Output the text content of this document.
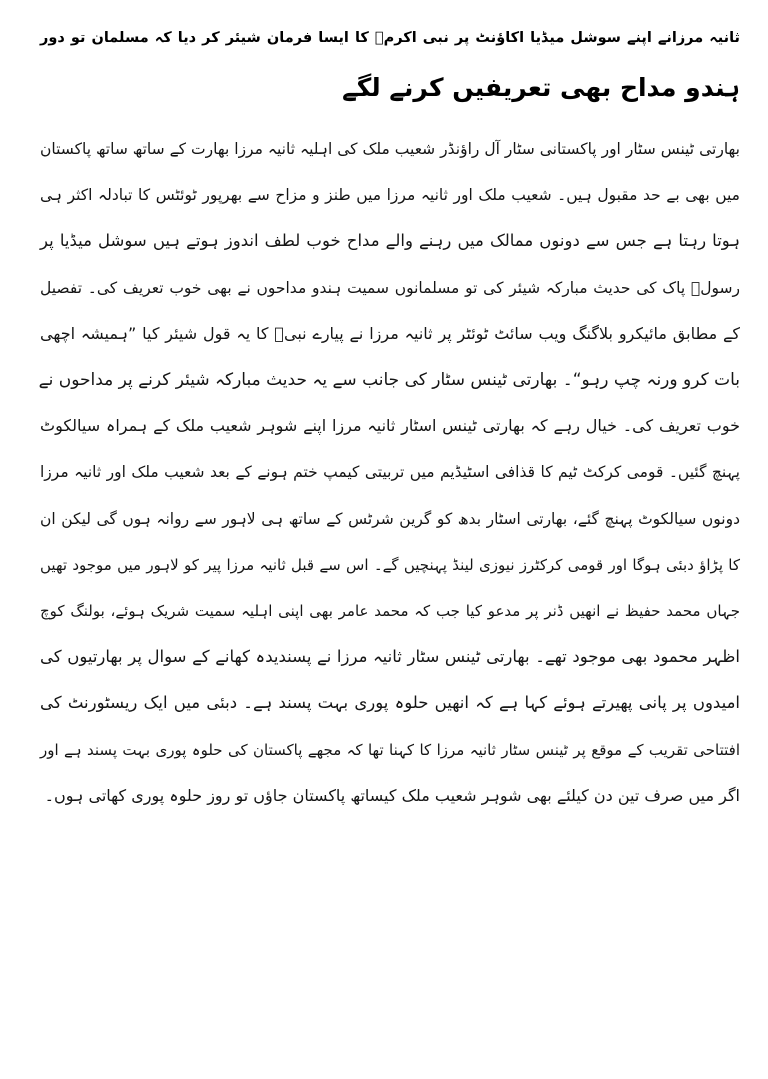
ثانیہ مرزانے اپنے سوشل میڈیا اکاؤنٹ پر نبی اکرمؐ کا ایسا فرمان شیئر کر دیا کہ مسلمان تو دور
ہندو مداح بھی تعریفیں کرنے لگے
بھارتی ٹینس سٹار اور پاکستانی سٹار آل راؤنڈر شعیب ملک کی اہلیہ ثانیہ مرزا بھارت کے ساتھ ساتھ پاکستان
میں بھی بے حد مقبول ہیں۔ شعیب ملک اور ثانیہ مرزا میں طنز و مزاح سے بھرپور ٹوئٹس کا تبادلہ اکثر ہی
ہوتا رہتا ہے جس سے دونوں ممالک میں رہنے والے مداح خوب لطف اندوز ہوتے ہیں سوشل میڈیا پر
رسولؐ پاک کی حدیث مبارکہ شیئر کی تو مسلمانوں سمیت ہندو مداحوں نے بھی خوب تعریف کی۔ تفصیل
کے مطابق مائیکرو بلاگنگ ویب سائٹ ٹوئٹر پر ثانیہ مرزا نے پیارے نبیؐ کا یہ قول شیئر کیا ”ہمیشہ اچھی
بات کرو ورنہ چپ رہو“۔ بھارتی ٹینس سٹار کی جانب سے یہ حدیث مبارکہ شیئر کرنے پر مداحوں نے
خوب تعریف کی۔ خیال رہے کہ بھارتی ٹینس اسٹار ثانیہ مرزا اپنے شوہر شعیب ملک کے ہمراہ سیالکوٹ
پہنچ گئیں۔ قومی کرکٹ ٹیم کا قذافی اسٹیڈیم میں تربیتی کیمپ ختم ہونے کے بعد شعیب ملک اور ثانیہ مرزا
دونوں سیالکوٹ پہنچ گئے، بھارتی اسٹار بدھ کو گرین شرٹس کے ساتھ ہی لاہور سے روانہ ہوں گی لیکن ان
کا پڑاؤ دبئی ہوگا اور قومی کرکٹرز نیوزی لینڈ پہنچیں گے۔ اس سے قبل ثانیہ مرزا پیر کو لاہور میں موجود تھیں
جہاں محمد حفیظ نے انھیں ڈنر پر مدعو کیا جب کہ محمد عامر بھی اپنی اہلیہ سمیت شریک ہوئے، بولنگ کوچ
اظہر محمود بھی موجود تھے۔ بھارتی ٹینس سٹار ثانیہ مرزا نے پسندیدہ کھانے کے سوال پر بھارتیوں کی
امیدوں پر پانی پھیرتے ہوئے کہا ہے کہ انھیں حلوہ پوری بہت پسند ہے۔ دبئی میں ایک ریسٹورنٹ کی
افتتاحی تقریب کے موقع پر ٹینس سٹار ثانیہ مرزا کا کہنا تھا کہ مجھے پاکستان کی حلوہ پوری بہت پسند ہے اور
اگر میں صرف تین دن کیلئے بھی شوہر شعیب ملک کیساتھ پاکستان جاؤں تو روز حلوہ پوری کھاتی ہوں۔
